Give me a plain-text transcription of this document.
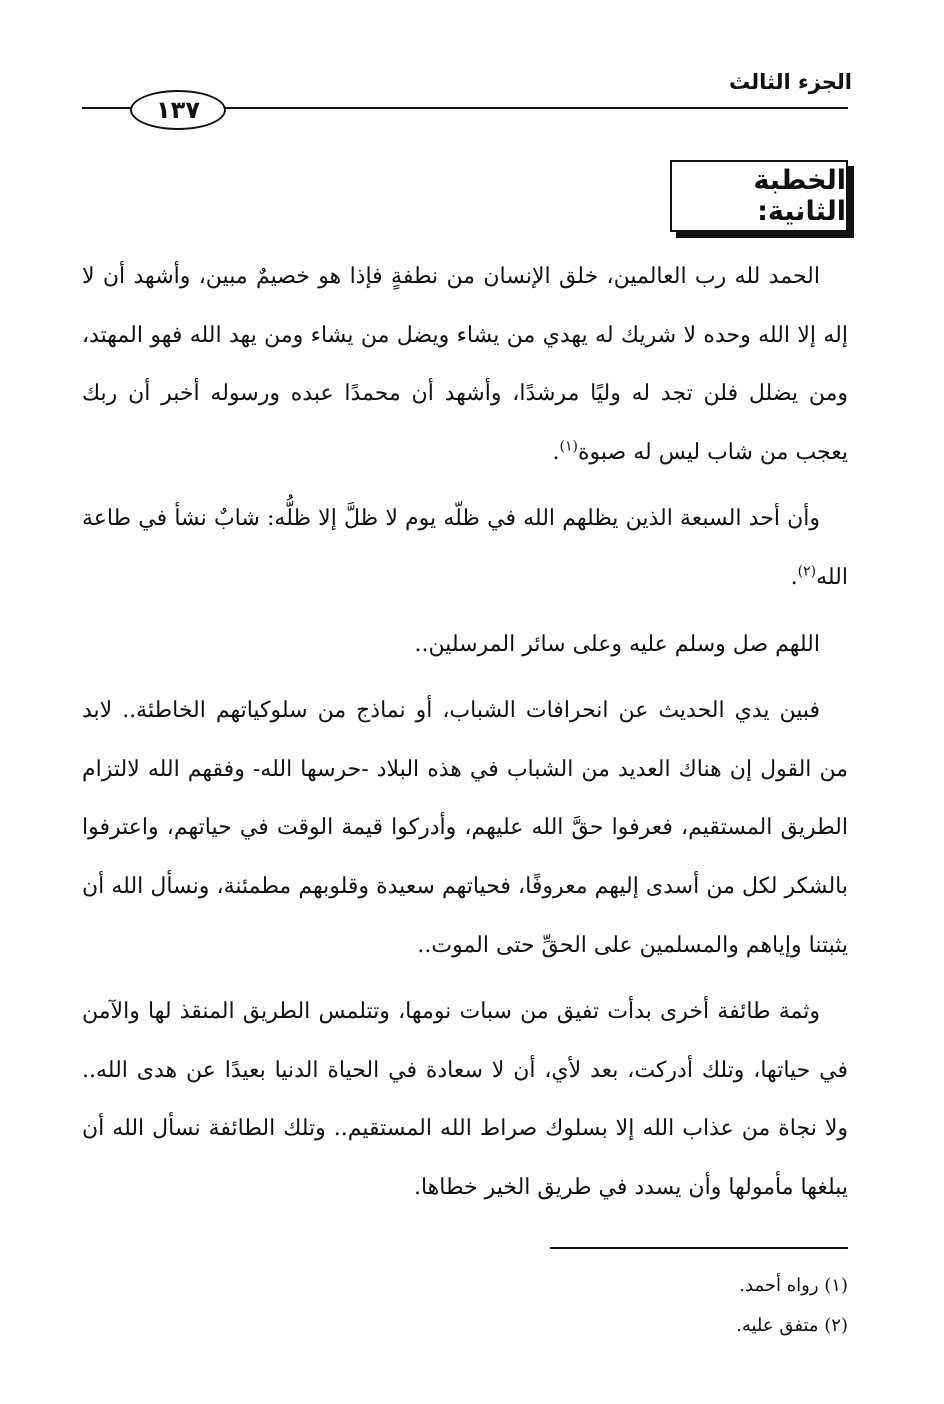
الجزء الثالث
١٣٧
الخطبة الثانية:

الحمد لله رب العالمين، خلق الإنسان من نطفةٍ فإذا هو خصيمٌ مبين، وأشهد أن لا إله إلا الله وحده لا شريك له يهدي من يشاء ويضل من يشاء ومن يهد الله فهو المهتد، ومن يضلل فلن تجد له وليًا مرشدًا، وأشهد أن محمدًا عبده ورسوله أخبر أن ربك يعجب من شاب ليس له صبوة$^{(١)}$.

وأن أحد السبعة الذين يظلهم الله في ظلّه يوم لا ظلَّ إلا ظلُّه: شابٌ نشأ في طاعة الله$^{(٢)}$.

اللهم صل وسلم عليه وعلى سائر المرسلين..

فبين يدي الحديث عن انحرافات الشباب، أو نماذج من سلوكياتهم الخاطئة.. لابد من القول إن هناك العديد من الشباب في هذه البلاد -حرسها الله- وفقهم الله لالتزام الطريق المستقيم، فعرفوا حقَّ الله عليهم، وأدركوا قيمة الوقت في حياتهم، واعترفوا بالشكر لكل من أسدى إليهم معروفًا، فحياتهم سعيدة وقلوبهم مطمئنة، ونسأل الله أن يثبتنا وإياهم والمسلمين على الحقِّ حتى الموت..

وثمة طائفة أخرى بدأت تفيق من سبات نومها، وتتلمس الطريق المنقذ لها والآمن في حياتها، وتلك أدركت، بعد لأي، أن لا سعادة في الحياة الدنيا بعيدًا عن هدى الله.. ولا نجاة من عذاب الله إلا بسلوك صراط الله المستقيم.. وتلك الطائفة نسأل الله أن يبلغها مأمولها وأن يسدد في طريق الخير خطاها.

(١) رواه أحمد.
(٢) متفق عليه.
